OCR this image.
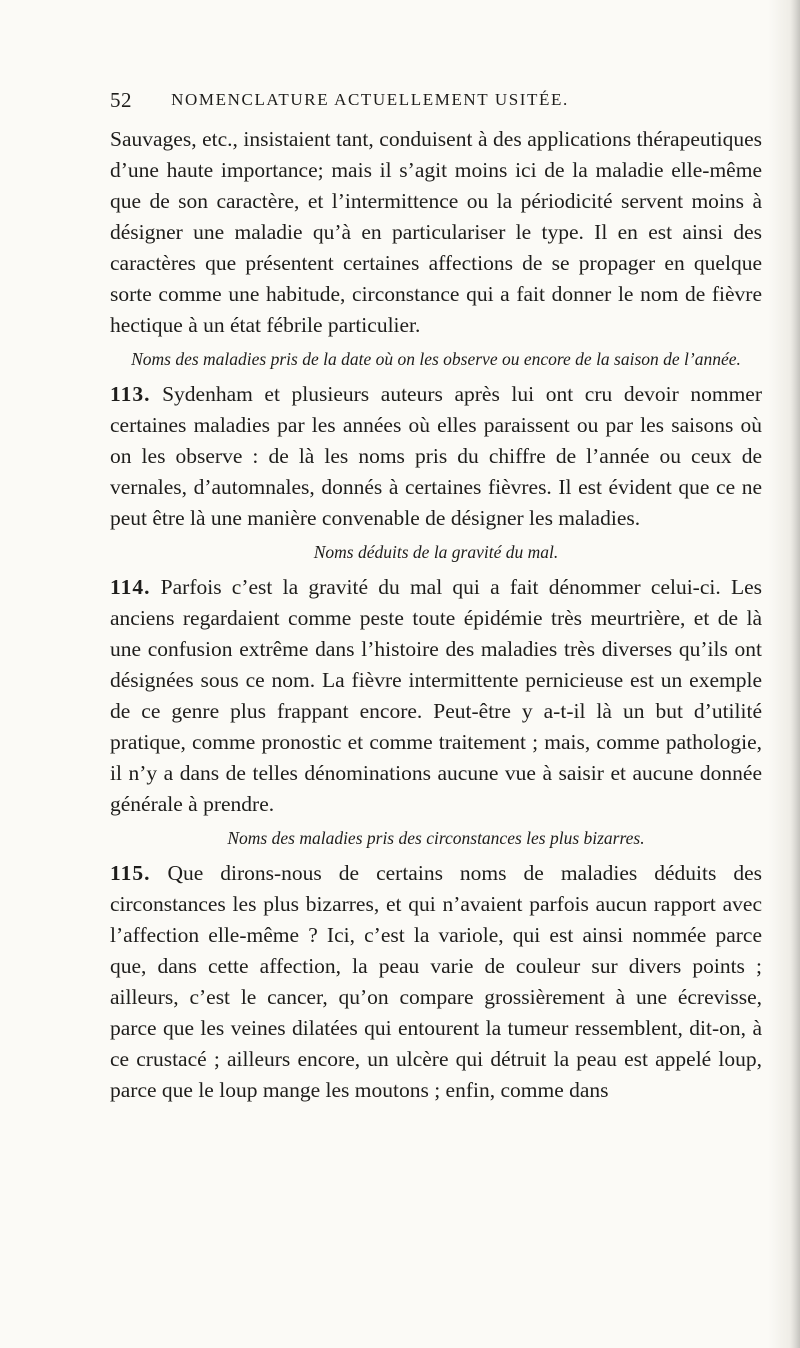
52 NOMENCLATURE ACTUELLEMENT USITÉE.

Sauvages, etc., insistaient tant, conduisent à des applications thérapeutiques d’une haute importance; mais il s’agit moins ici de la maladie elle-même que de son caractère, et l’intermittence ou la périodicité servent moins à désigner une maladie qu’à en particulariser le type. Il en est ainsi des caractères que présentent certaines affections de se propager en quelque sorte comme une habitude, circonstance qui a fait donner le nom de fièvre hectique à un état fébrile particulier.

Noms des maladies pris de la date où on les observe ou encore de la saison de l’année.

113. Sydenham et plusieurs auteurs après lui ont cru devoir nommer certaines maladies par les années où elles paraissent ou par les saisons où on les observe : de là les noms pris du chiffre de l’année ou ceux de vernales, d’automnales, donnés à certaines fièvres. Il est évident que ce ne peut être là une manière convenable de désigner les maladies.

Noms déduits de la gravité du mal.

114. Parfois c’est la gravité du mal qui a fait dénommer celui-ci. Les anciens regardaient comme peste toute épidémie très meurtrière, et de là une confusion extrême dans l’histoire des maladies très diverses qu’ils ont désignées sous ce nom. La fièvre intermittente pernicieuse est un exemple de ce genre plus frappant encore. Peut-être y a-t-il là un but d’utilité pratique, comme pronostic et comme traitement ; mais, comme pathologie, il n’y a dans de telles dénominations aucune vue à saisir et aucune donnée générale à prendre.

Noms des maladies pris des circonstances les plus bizarres.

115. Que dirons-nous de certains noms de maladies déduits des circonstances les plus bizarres, et qui n’avaient parfois aucun rapport avec l’affection elle-même ? Ici, c’est la variole, qui est ainsi nommée parce que, dans cette affection, la peau varie de couleur sur divers points ; ailleurs, c’est le cancer, qu’on compare grossièrement à une écrevisse, parce que les veines dilatées qui entourent la tumeur ressemblent, dit-on, à ce crustacé ; ailleurs encore, un ulcère qui détruit la peau est appelé loup, parce que le loup mange les moutons ; enfin, comme dans
